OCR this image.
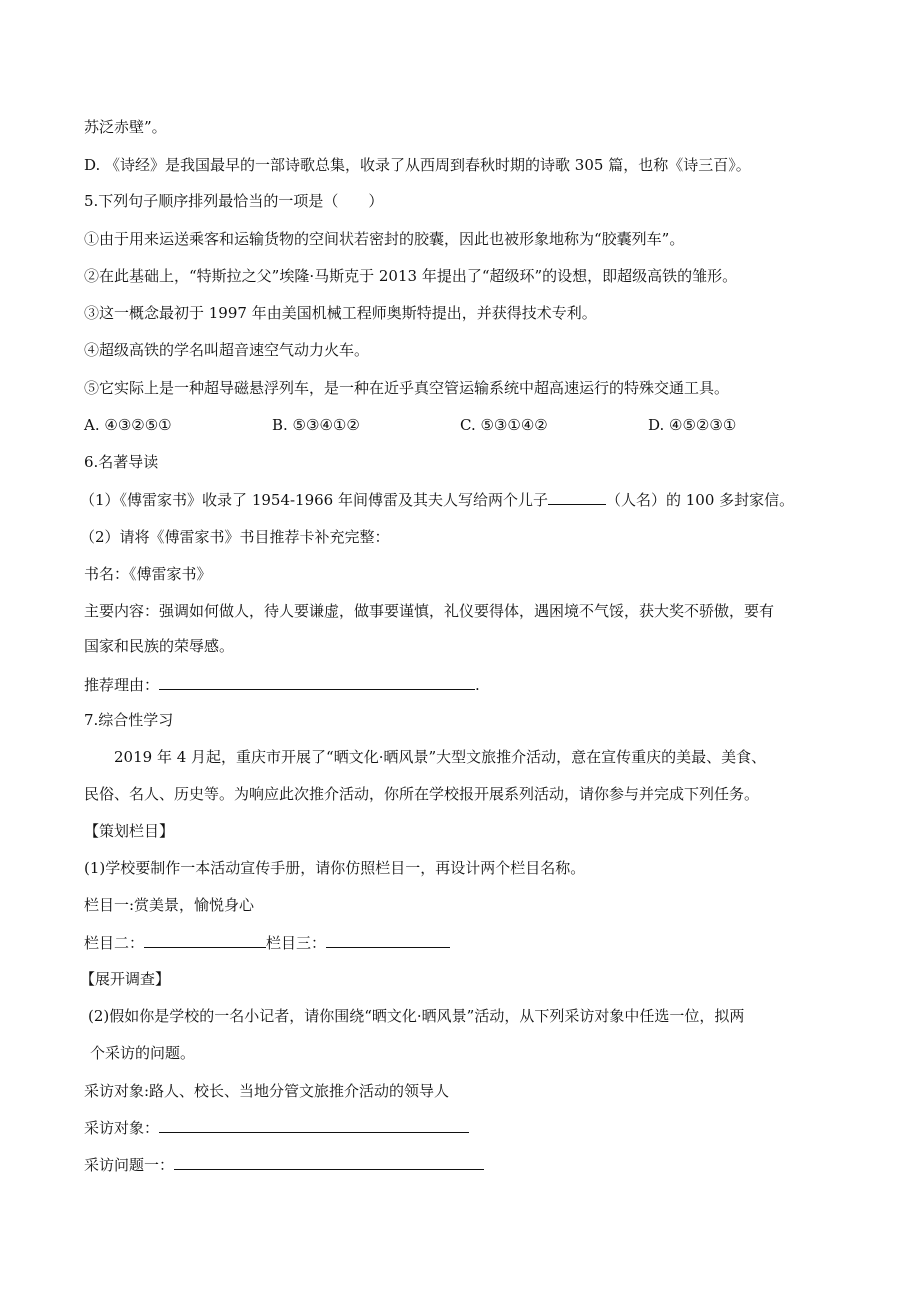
苏泛赤壁”。
D. 《诗经》是我国最早的一部诗歌总集，收录了从西周到春秋时期的诗歌 305 篇，也称《诗三百》。
5.下列句子顺序排列最恰当的一项是（　　）
①由于用来运送乘客和运输货物的空间状若密封的胶囊，因此也被形象地称为“胶囊列车”。
②在此基础上，“特斯拉之父”埃隆·马斯克于 2013 年提出了“超级环”的设想，即超级高铁的雏形。
③这一概念最初于 1997 年由美国机械工程师奥斯特提出，并获得技术专利。
④超级高铁的学名叫超音速空气动力火车。
⑤它实际上是一种超导磁悬浮列车，是一种在近乎真空管运输系统中超高速运行的特殊交通工具。
A. ④③②⑤①	B. ⑤③④①②	C. ⑤③①④②	D. ④⑤②③①
6.名著导读
（1）《傅雷家书》收录了 1954-1966 年间傅雷及其夫人写给两个儿子	（人名）的 100 多封家信。
（2）请将《傅雷家书》书目推荐卡补充完整：
书名：《傅雷家书》
主要内容：强调如何做人，待人要谦虚，做事要谨慎，礼仪要得体，遇困境不气馁，获大奖不骄傲，要有
国家和民族的荣辱感。
推荐理由：	.
7.综合性学习
2019 年 4 月起，重庆市开展了“晒文化·晒风景”大型文旅推介活动，意在宣传重庆的美最、美食、
民俗、名人、历史等。为响应此次推介活动，你所在学校报开展系列活动，请你参与并完成下列任务。
【策划栏目】
(1)学校要制作一本活动宣传手册，请你仿照栏目一，再设计两个栏目名称。
栏目一:赏美景，愉悦身心
栏目二：	栏目三：
【展开调查】
(2)假如你是学校的一名小记者，请你围绕“晒文化·晒风景”活动，从下列采访对象中任选一位，拟两
个采访的问题。
采访对象:路人、校长、当地分管文旅推介活动的领导人
采访对象：
采访问题一：
